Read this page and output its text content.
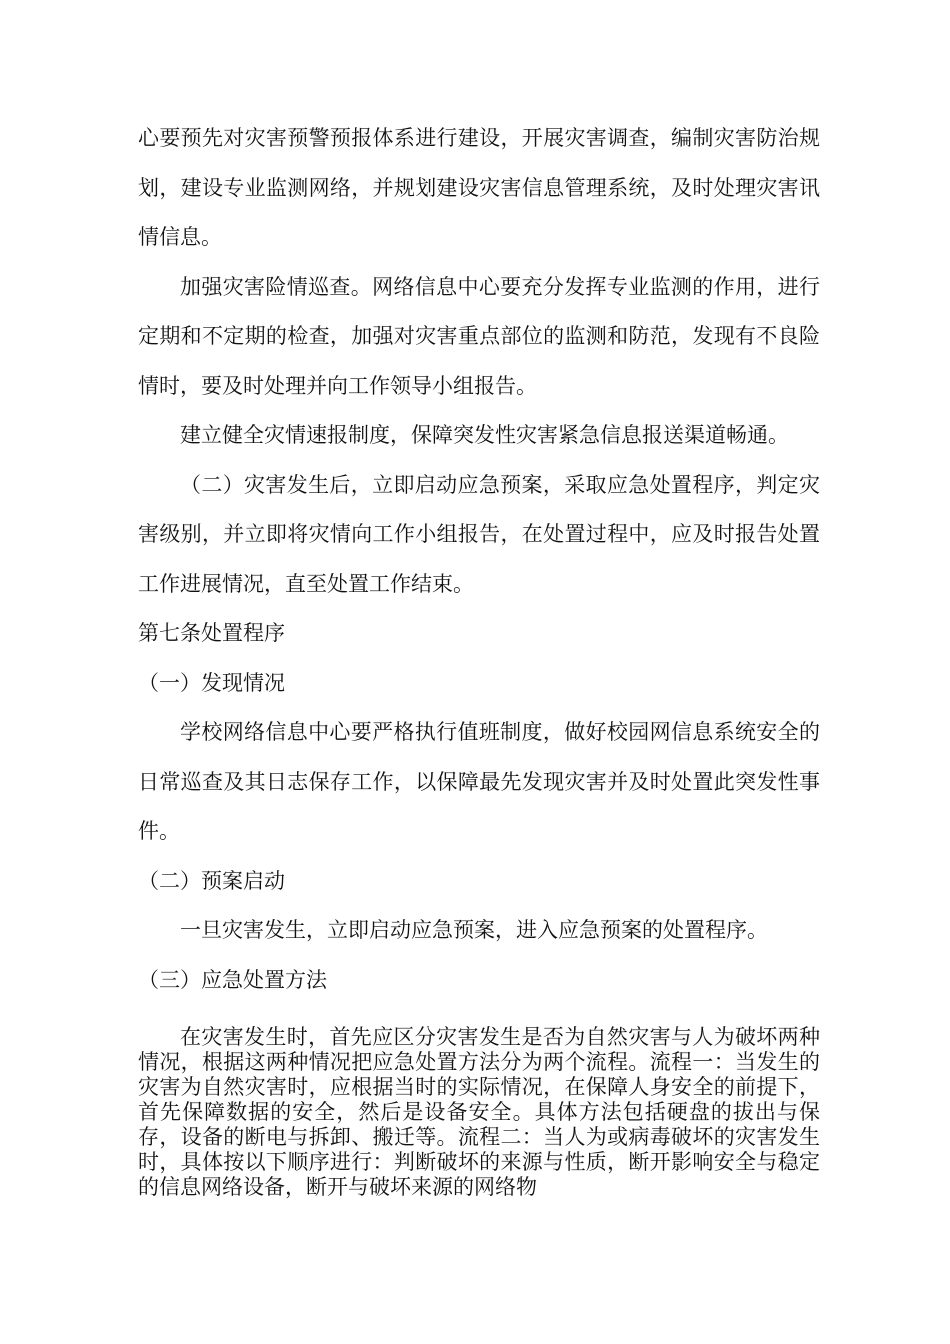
心要预先对灾害预警预报体系进行建设，开展灾害调查，编制灾害防治规划，建设专业监测网络，并规划建设灾害信息管理系统，及时处理灾害讯情信息。

加强灾害险情巡查。网络信息中心要充分发挥专业监测的作用，进行定期和不定期的检查，加强对灾害重点部位的监测和防范，发现有不良险情时，要及时处理并向工作领导小组报告。

建立健全灾情速报制度，保障突发性灾害紧急信息报送渠道畅通。

（二）灾害发生后，立即启动应急预案，采取应急处置程序，判定灾害级别，并立即将灾情向工作小组报告，在处置过程中，应及时报告处置工作进展情况，直至处置工作结束。

第七条处置程序

（一）发现情况

学校网络信息中心要严格执行值班制度，做好校园网信息系统安全的日常巡查及其日志保存工作，以保障最先发现灾害并及时处置此突发性事件。

（二）预案启动

一旦灾害发生，立即启动应急预案，进入应急预案的处置程序。

（三）应急处置方法

在灾害发生时，首先应区分灾害发生是否为自然灾害与人为破坏两种情况，根据这两种情况把应急处置方法分为两个流程。流程一：当发生的灾害为自然灾害时，应根据当时的实际情况，在保障人身安全的前提下，首先保障数据的安全，然后是设备安全。具体方法包括硬盘的拔出与保存，设备的断电与拆卸、搬迁等。流程二：当人为或病毒破坏的灾害发生时，具体按以下顺序进行：判断破坏的来源与性质，断开影响安全与稳定的信息网络设备，断开与破坏来源的网络物
